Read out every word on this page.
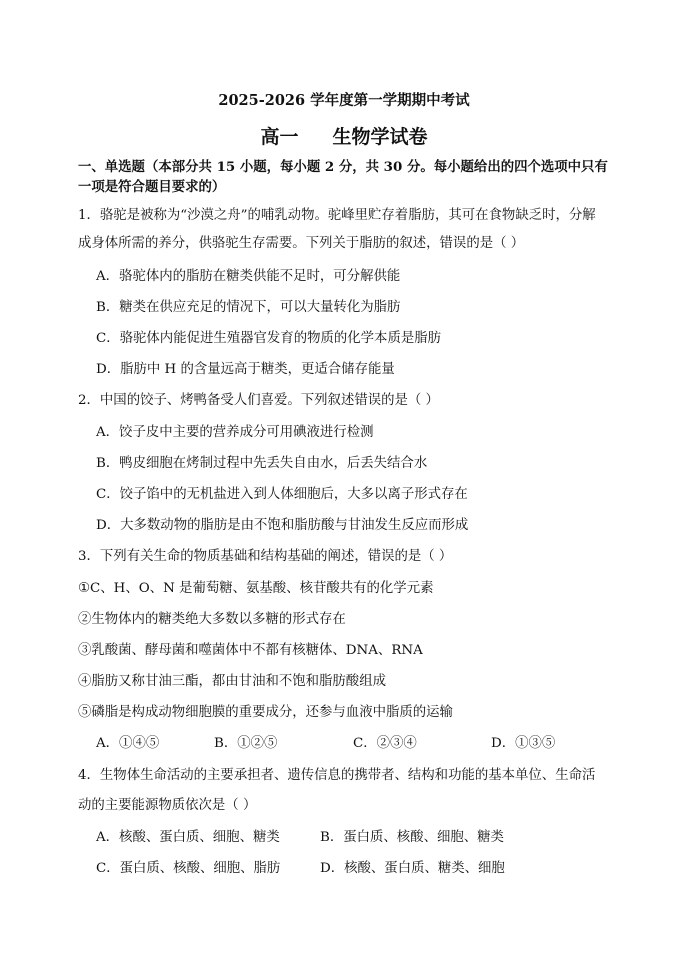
2025-2026 学年度第一学期期中考试
高一 生物学试卷
一、单选题（本部分共 15 小题，每小题 2 分，共 30 分。每小题给出的四个选项中只有
一项是符合题目要求的）
1．骆驼是被称为“沙漠之舟”的哺乳动物。驼峰里贮存着脂肪，其可在食物缺乏时，分解
成身体所需的养分，供骆驼生存需要。下列关于脂肪的叙述，错误的是（ ）
A．骆驼体内的脂肪在糖类供能不足时，可分解供能
B．糖类在供应充足的情况下，可以大量转化为脂肪
C．骆驼体内能促进生殖器官发育的物质的化学本质是脂肪
D．脂肪中 H 的含量远高于糖类，更适合储存能量
2．中国的饺子、烤鸭备受人们喜爱。下列叙述错误的是（ ）
A．饺子皮中主要的营养成分可用碘液进行检测
B．鸭皮细胞在烤制过程中先丢失自由水，后丢失结合水
C．饺子馅中的无机盐进入到人体细胞后，大多以离子形式存在
D．大多数动物的脂肪是由不饱和脂肪酸与甘油发生反应而形成
3．下列有关生命的物质基础和结构基础的阐述，错误的是（ ）
①C、H、O、N 是葡萄糖、氨基酸、核苷酸共有的化学元素
②生物体内的糖类绝大多数以多糖的形式存在
③乳酸菌、酵母菌和噬菌体中不都有核糖体、DNA、RNA
④脂肪又称甘油三酯，都由甘油和不饱和脂肪酸组成
⑤磷脂是构成动物细胞膜的重要成分，还参与血液中脂质的运输
A．①④⑤	B．①②⑤	C．②③④	D．①③⑤
4．生物体生命活动的主要承担者、遗传信息的携带者、结构和功能的基本单位、生命活
动的主要能源物质依次是（ ）
A．核酸、蛋白质、细胞、糖类	B．蛋白质、核酸、细胞、糖类
C．蛋白质、核酸、细胞、脂肪	D．核酸、蛋白质、糖类、细胞
